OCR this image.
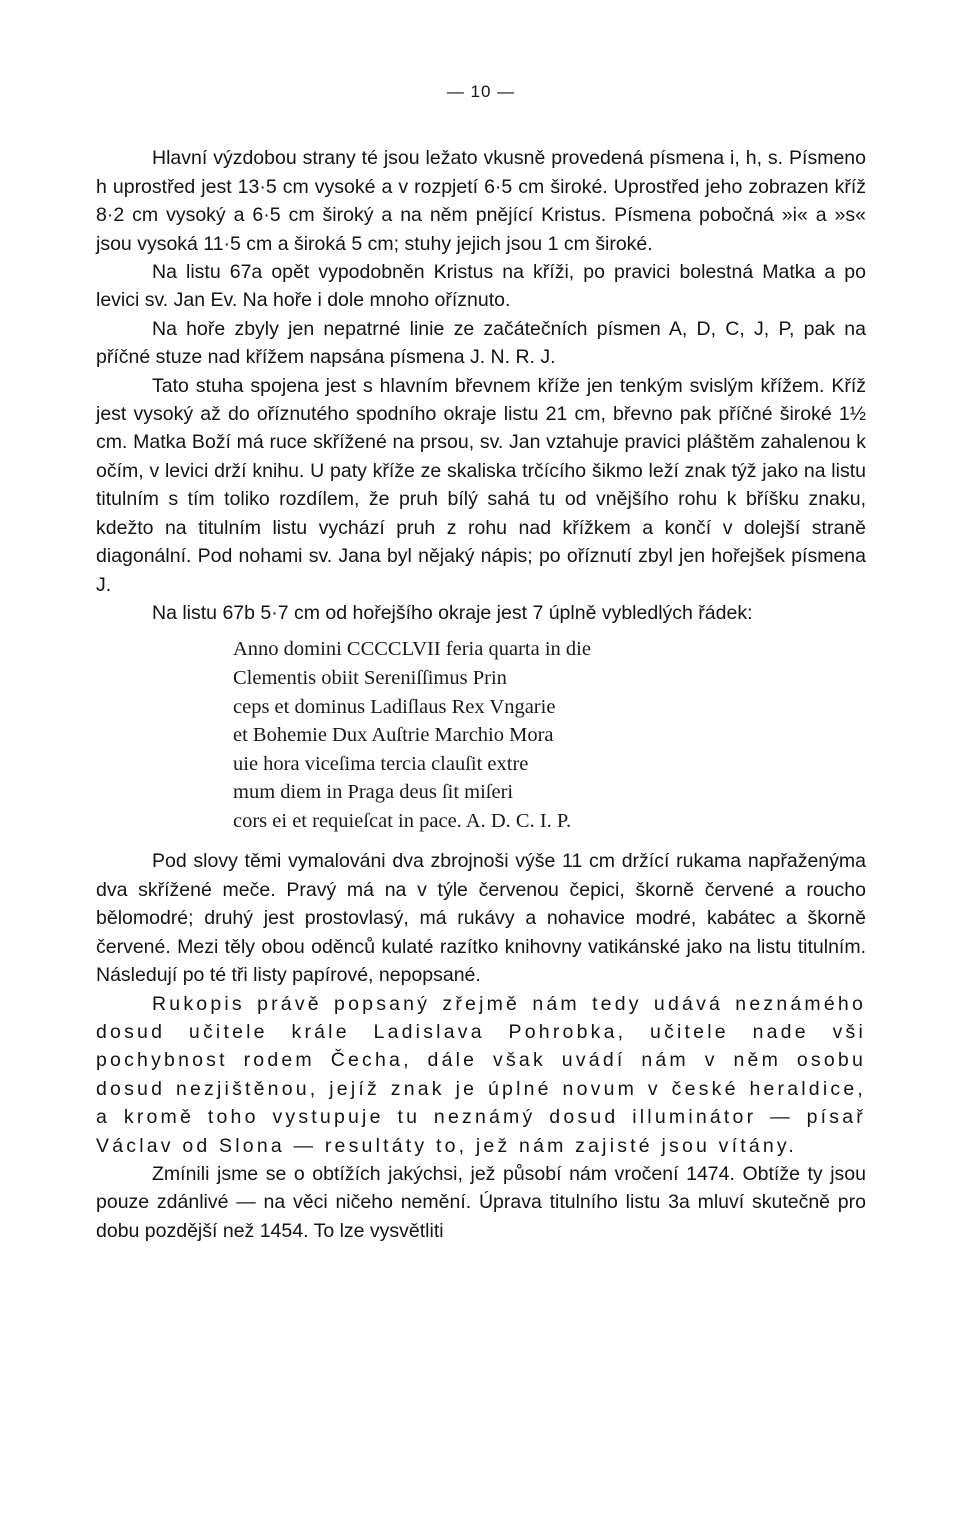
— 10 —

Hlavní výzdobou strany té jsou ležato vkusně provedená písmena i, h, s. Písmeno h uprostřed jest 13·5 cm vysoké a v rozpjetí 6·5 cm široké. Uprostřed jeho zobrazen kříž 8·2 cm vysoký a 6·5 cm široký a na něm pnějící Kristus. Písmena pobočná »i« a »s« jsou vysoká 11·5 cm a široká 5 cm; stuhy jejich jsou 1 cm široké.

Na listu 67a opět vypodobněn Kristus na kříži, po pravici bolestná Matka a po levici sv. Jan Ev. Na hoře i dole mnoho oříznuto.

Na hoře zbyly jen nepatrné linie ze začátečních písmen A, D, C, J, P, pak na příčné stuze nad křížem napsána písmena J. N. R. J.

Tato stuha spojena jest s hlavním břevnem kříže jen tenkým svislým křížem. Kříž jest vysoký až do oříznutého spodního okraje listu 21 cm, břevno pak příčné široké 1½ cm. Matka Boží má ruce skřížené na prsou, sv. Jan vztahuje pravici pláštěm zahalenou k očím, v levici drží knihu. U paty kříže ze skaliska trčícího šikmo leží znak týž jako na listu titulním s tím toliko rozdílem, že pruh bílý sahá tu od vnějšího rohu k bříšku znaku, kdežto na titulním listu vychází pruh z rohu nad křížkem a končí v dolejší straně diagonální. Pod nohami sv. Jana byl nějaký nápis; po oříznutí zbyl jen hořejšek písmena J.

Na listu 67b 5·7 cm od hořejšího okraje jest 7 úplně vybledlých řádek:

Anno domini CCCCLVII feria quarta in die
Clementis obiit Sereniſſimus Prin
ceps et dominus Ladiſlaus Rex Vngarie
et Bohemie Dux Auſtrie Marchio Mora
uie hora viceſima tercia clauſit extre
mum diem in Praga deus ſit miſeri
cors ei et requieſcat in pace. A. D. C. I. P.

Pod slovy těmi vymalováni dva zbrojnoši výše 11 cm držící rukama napřaženýma dva skřížené meče. Pravý má na v týle červenou čepici, škorně červené a roucho bělomodré; druhý jest prostovlasý, má rukávy a nohavice modré, kabátec a škorně červené. Mezi těly obou oděnců kulaté razítko knihovny vatikánské jako na listu titulním. Následují po té tři listy papírové, nepopsané.

Rukopis právě popsaný zřejmě nám tedy udává neznámého dosud učitele krále Ladislava Pohrobka, učitele nade vši pochybnost rodem Čecha, dále však uvádí nám v něm osobu dosud nezjištěnou, jejíž znak je úplné novum v české heraldice, a kromě toho vystupuje tu neznámý dosud illuminátor — písař Václav od Slona — resultáty to, jež nám zajisté jsou vítány.

Zmínili jsme se o obtížích jakýchsi, jež působí nám vročení 1474. Obtíže ty jsou pouze zdánlivé — na věci ničeho nemění. Úprava titulního listu 3a mluví skutečně pro dobu pozdější než 1454. To lze vysvětliti
